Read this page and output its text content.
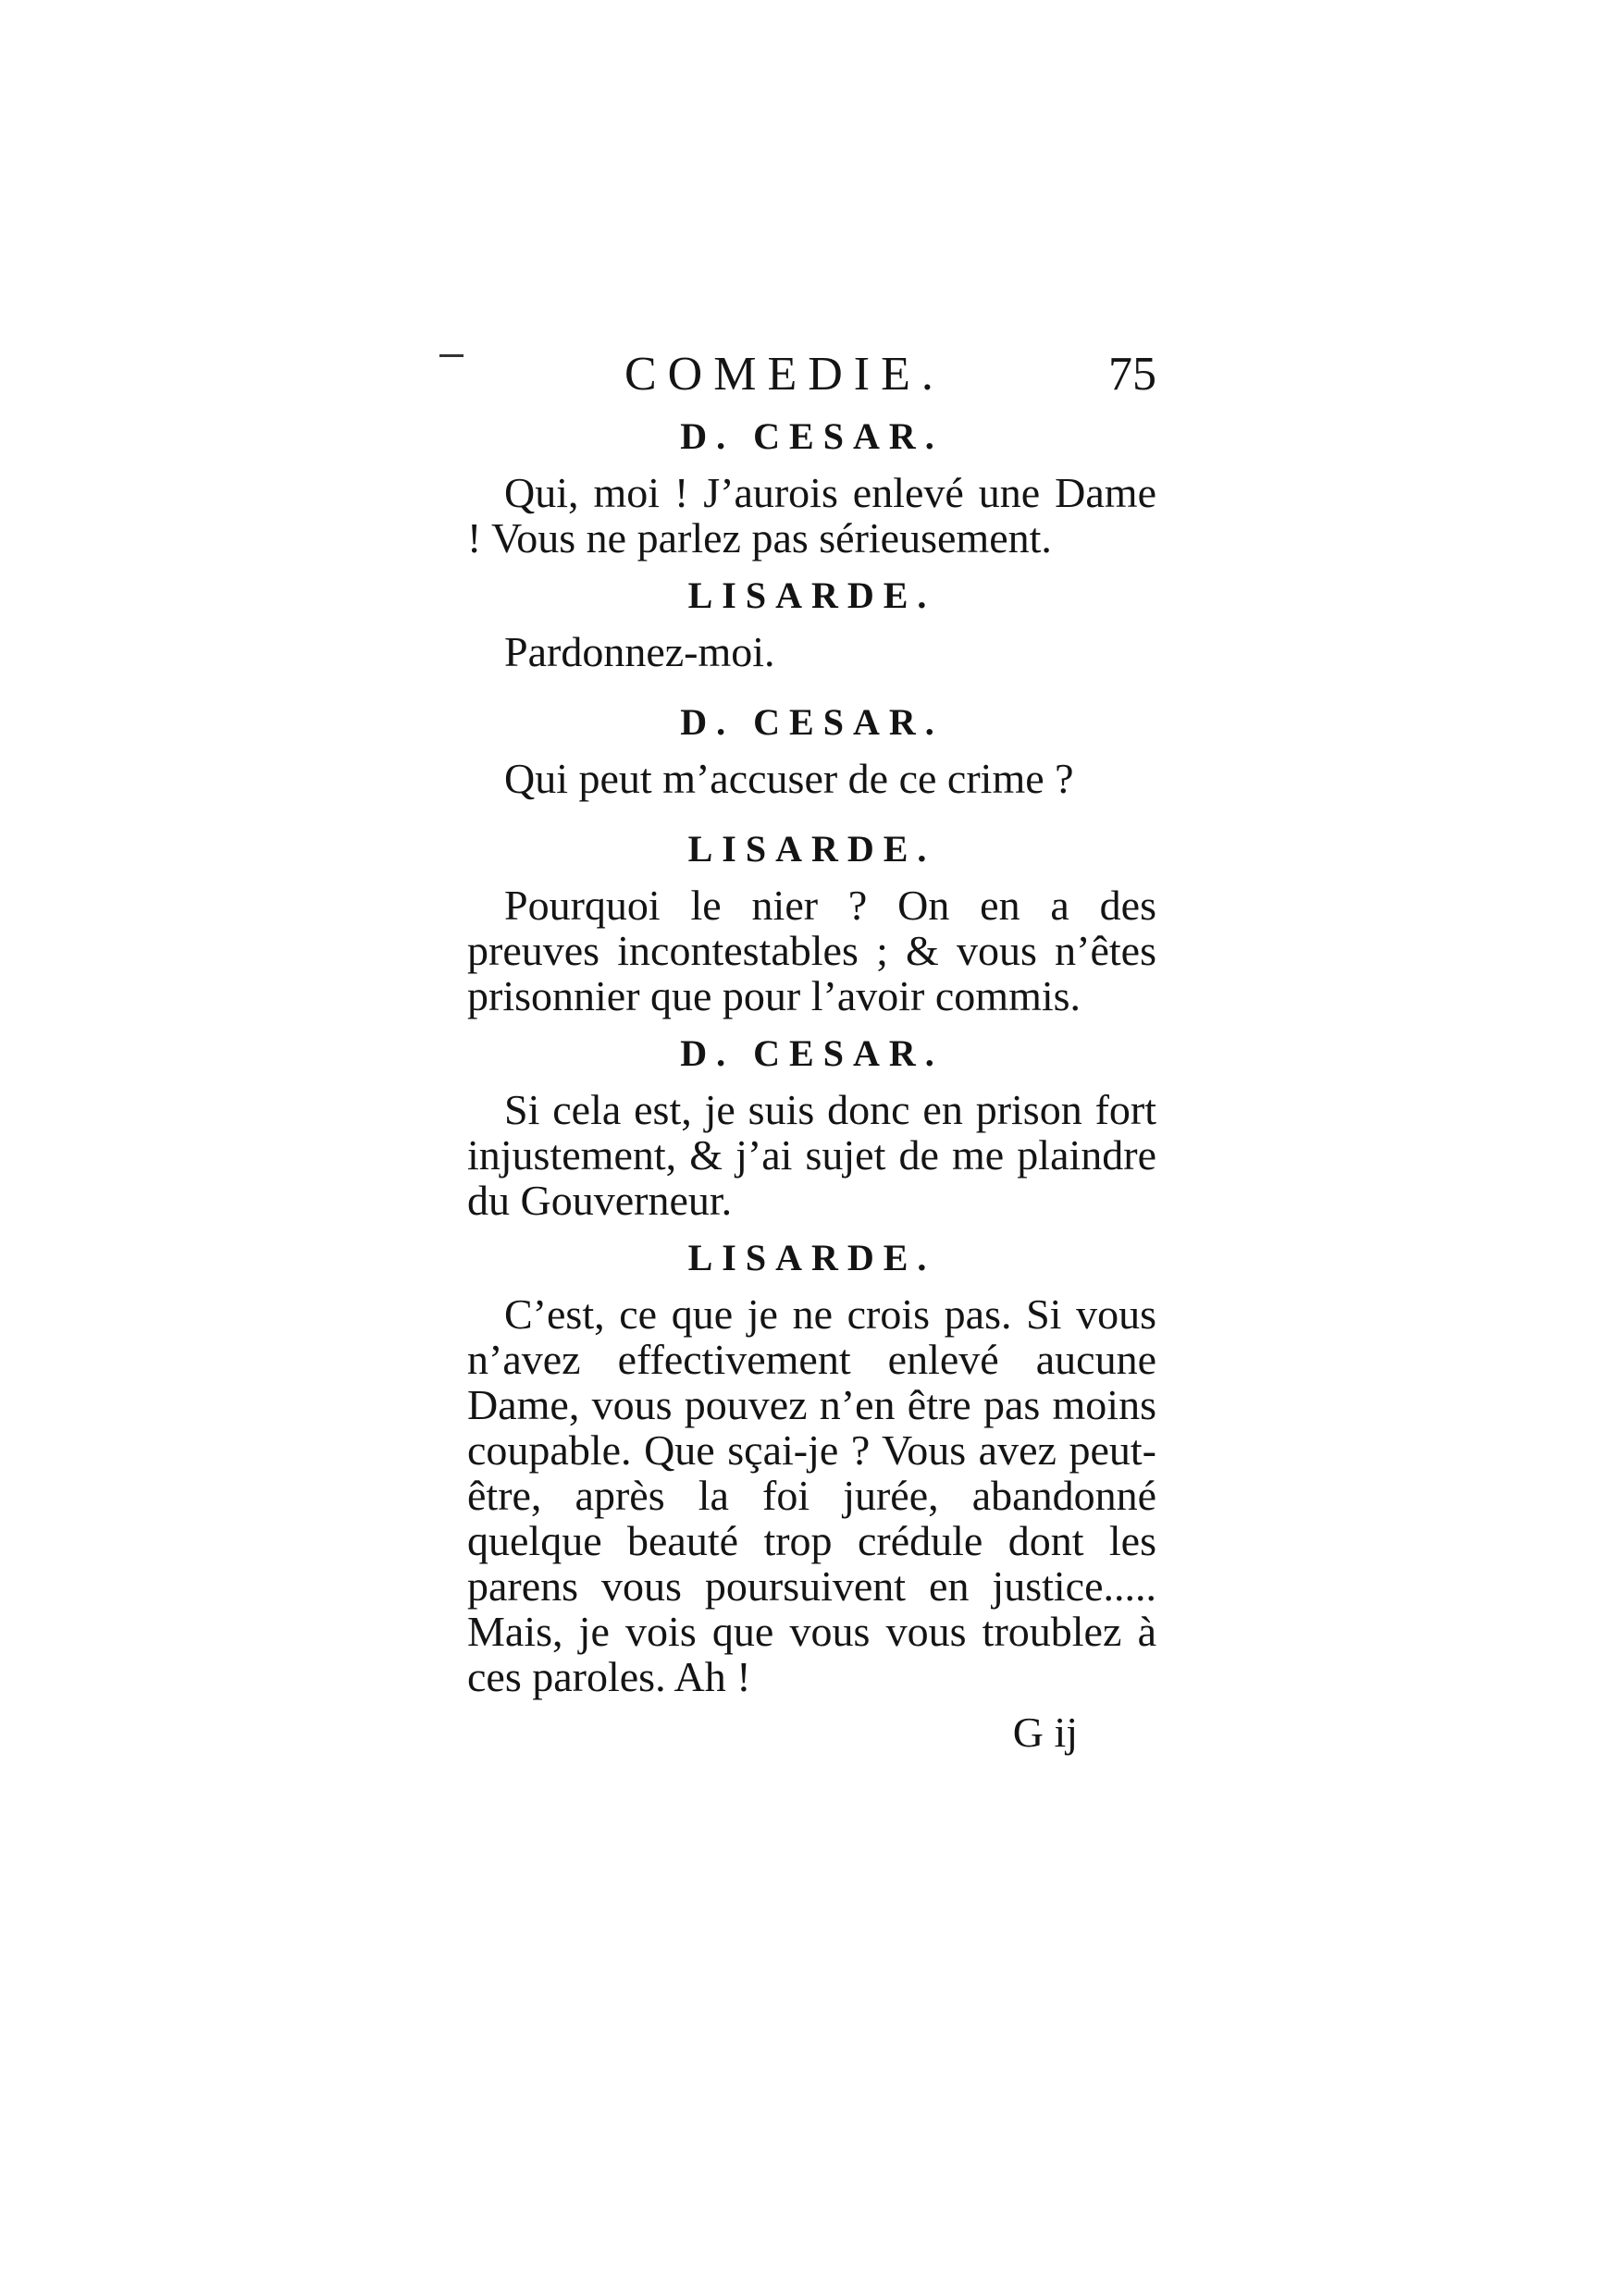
COMEDIE.	75
D. CESAR.

Qui, moi ! J’aurois enlevé une Dame ! Vous ne parlez pas sérieusement.

LISARDE.

Pardonnez-moi.

D. CESAR.

Qui peut m’accuser de ce crime ?

LISARDE.

Pourquoi le nier ? On en a des preuves incontestables ; & vous n’êtes prisonnier que pour l’avoir commis.

D. CESAR.

Si cela est, je suis donc en prison fort injustement, & j’ai sujet de me plaindre du Gouverneur.

LISARDE.

C’est, ce que je ne crois pas. Si vous n’avez effectivement enlevé aucune Dame, vous pouvez n’en être pas moins coupable. Que sçai-je ? Vous avez peut-être, après la foi jurée, abandonné quelque beauté trop crédule dont les parens vous poursuivent en justice..... Mais, je vois que vous vous troublez à ces paroles. Ah !

G ij
